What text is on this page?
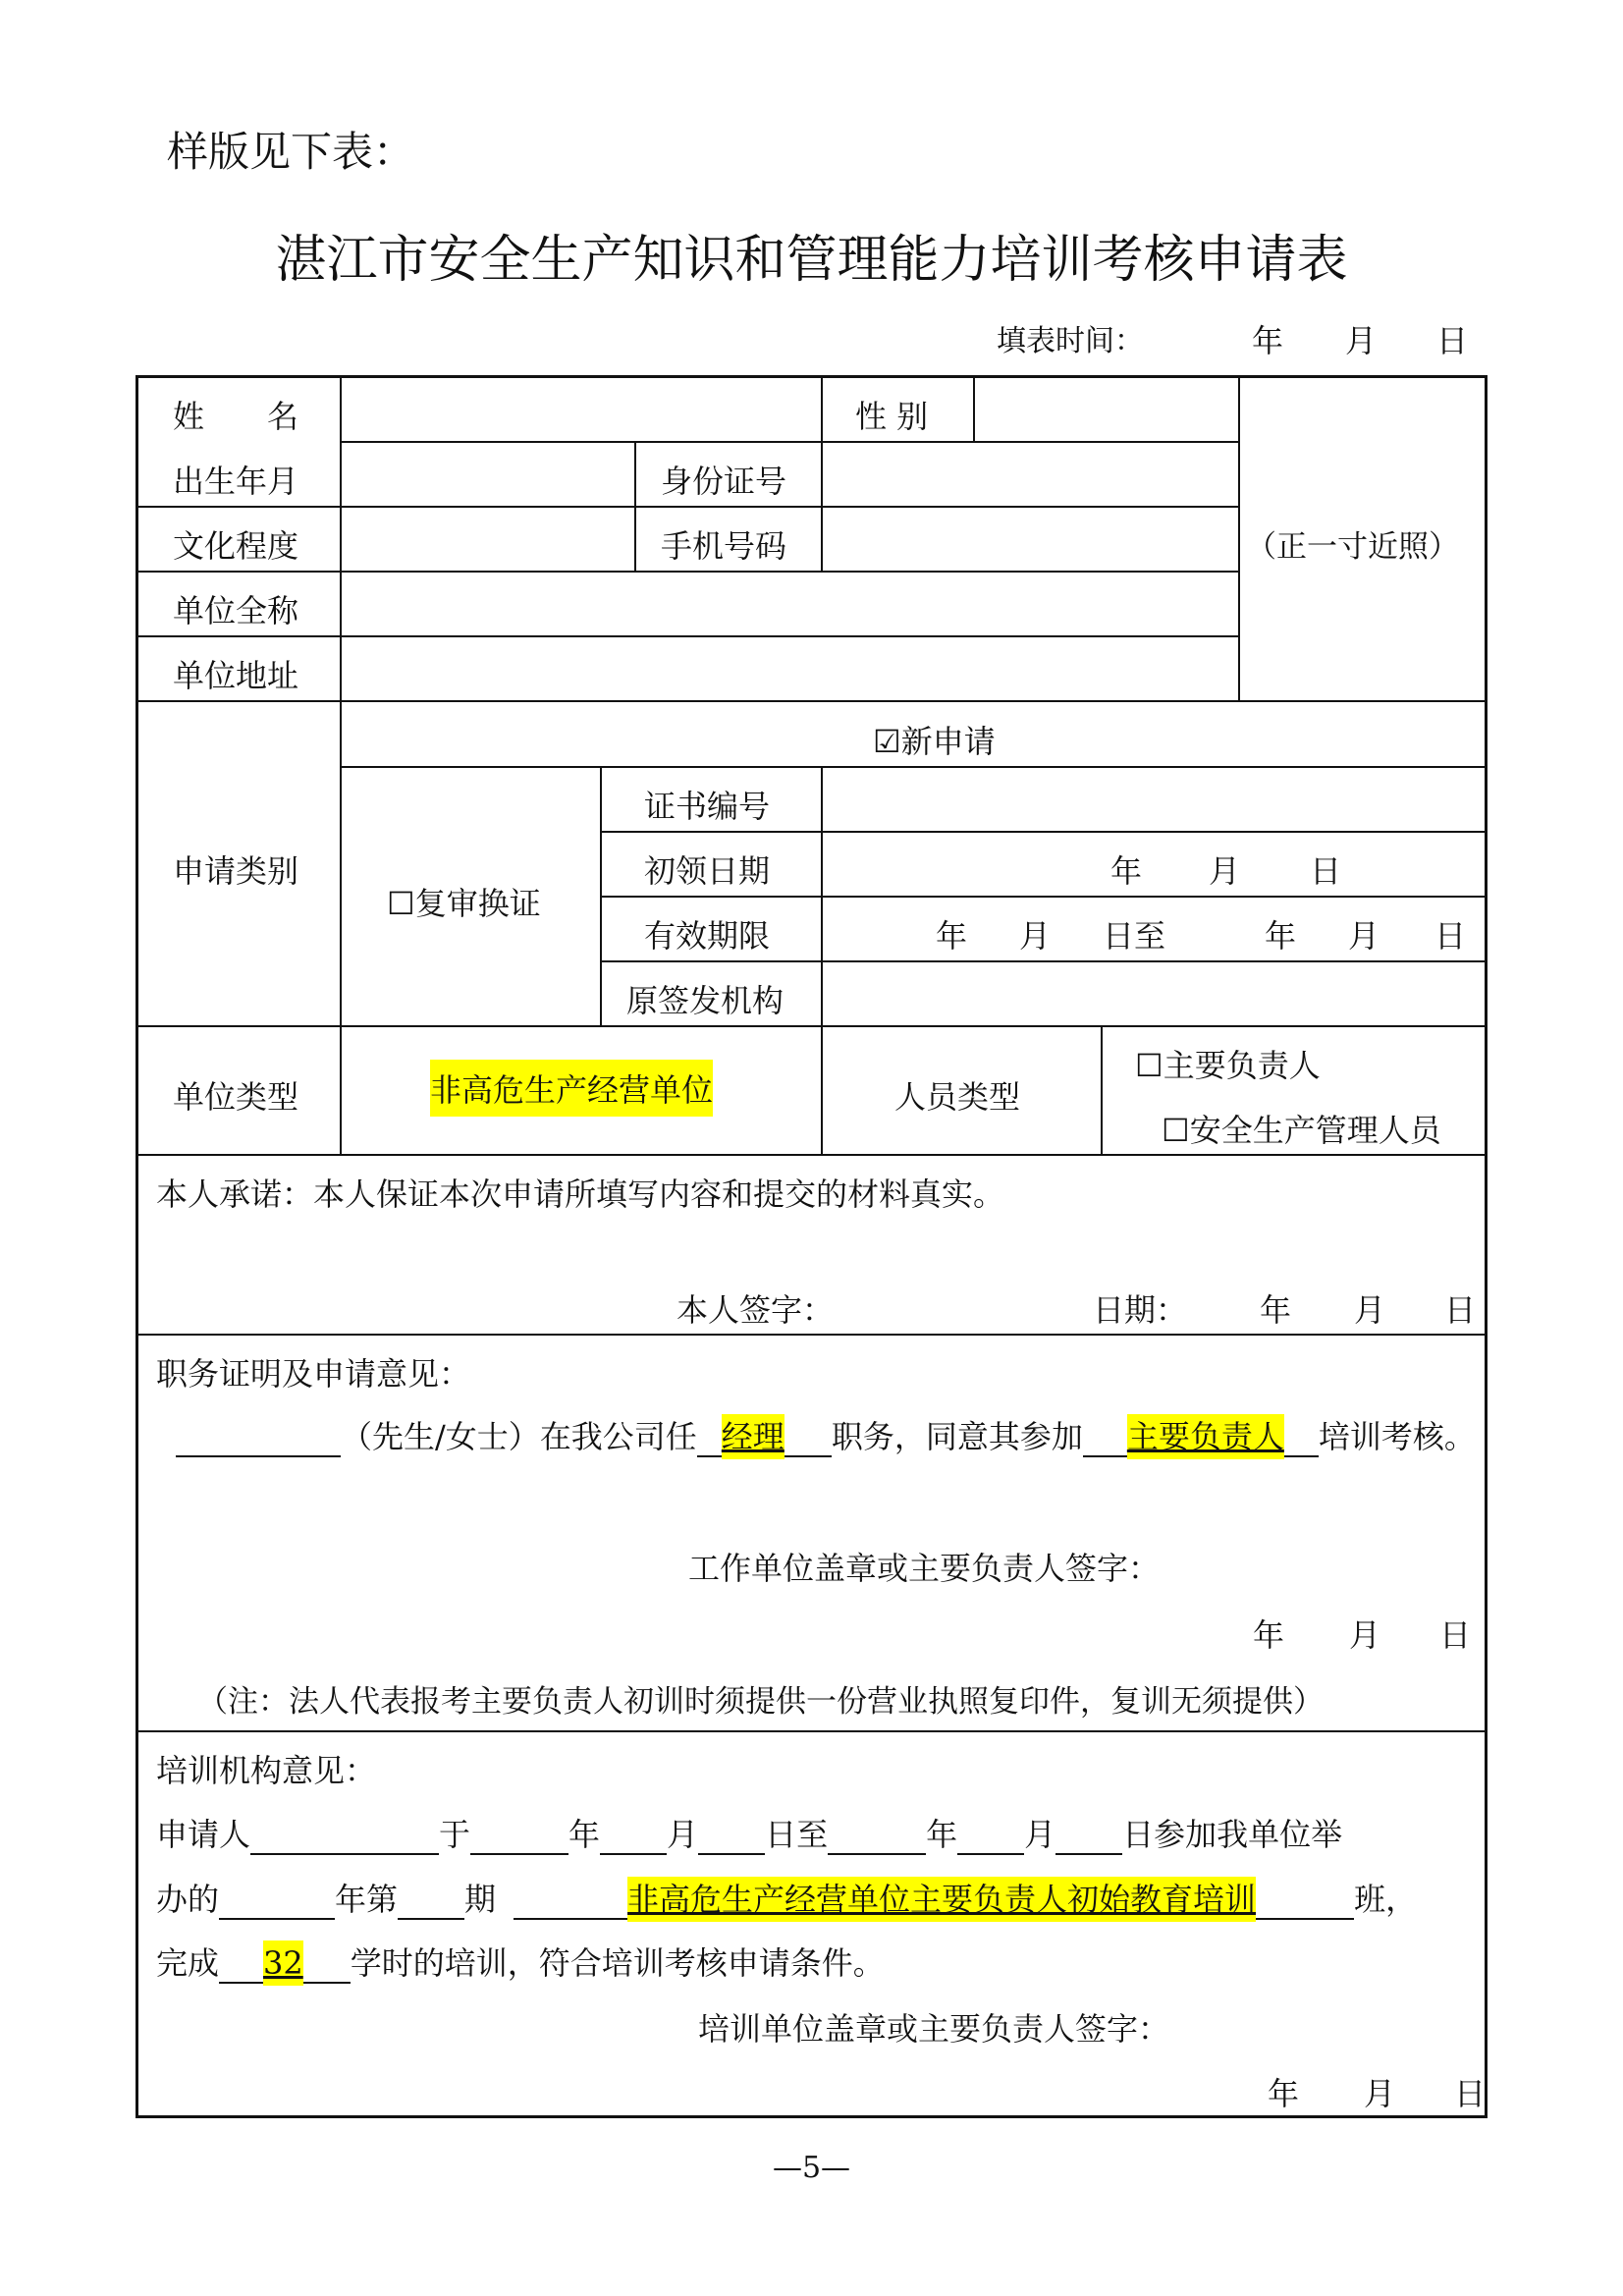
样版见下表：
湛江市安全生产知识和管理能力培训考核申请表
填表时间：	年 月 日
姓　　名	性 别
出生年月	身份证号
文化程度	手机号码
单位全称
单位地址
（正一寸近照）
申请类别
☑新申请
☐复审换证
证书编号
初领日期	年 月 日
有效期限	年 月 日至	年 月 日
原签发机构
单位类型	非高危生产经营单位	人员类型
☐主要负责人
☐安全生产管理人员
本人承诺：本人保证本次申请所填写内容和提交的材料真实。
本人签字：	日期： 年 月 日
职务证明及申请意见：
（先生/女士）在我公司任 经理 职务，同意其参加 主要负责人 培训考核。
工作单位盖章或主要负责人签字：
年 月 日
（注：法人代表报考主要负责人初训时须提供一份营业执照复印件，复训无须提供）
培训机构意见：
申请人	于	年 月 日至	年 月 日参加我单位举
办的	年第 期	非高危生产经营单位主要负责人初始教育培训	班，
完成 32 学时的培训，符合培训考核申请条件。
培训单位盖章或主要负责人签字：
年 月 日
—5—
